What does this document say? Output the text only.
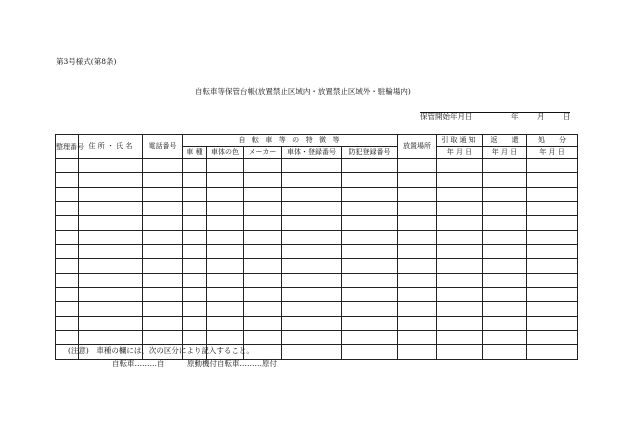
第3号様式(第8条)
自転車等保管台帳(放置禁止区域内・放置禁止区域外・駐輪場内)
保管開始年月日	年 月 日
整理番号	住 所 ・ 氏 名	電話番号	自 転 車 等 の 特 徴 等					放置場所	引取通知	返　　還	処　　分
			車 種	車体の色	メーカー	車体・登録番号	防犯登録番号		年 月 日	年 月 日	年 月 日

(注意)　車種の欄には、次の区分により記入すること。
自転車………自　　　原動機付自転車………原付
